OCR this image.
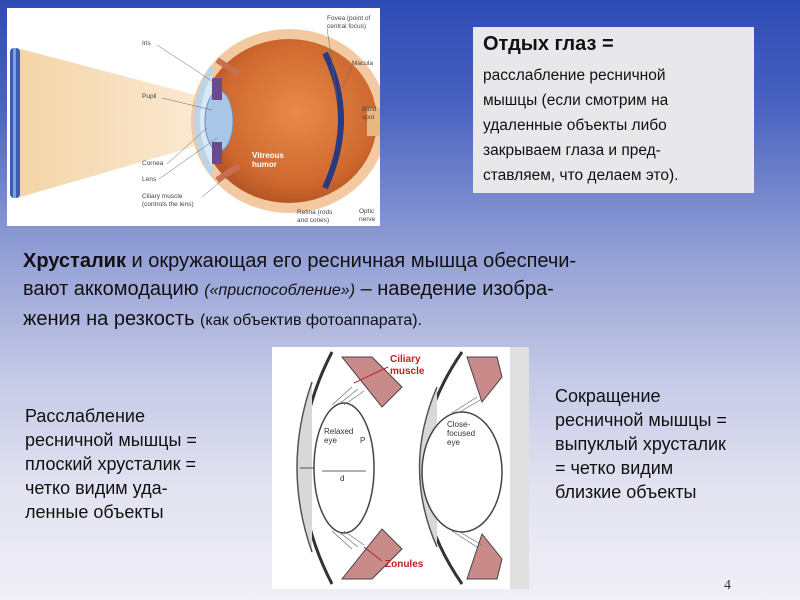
Fovea (point of
central focus)
Iris
Macula
Pupil
Blind
spot
Cornea
Lens
Vitreous
humor
Ciliary muscle
(controls the lens)
Retina (rods
and cones)
Optic
nerve
Отдых глаз =
расслабление ресничной
мышцы (если смотрим на
удаленные объекты либо
закрываем глаза и пред-
ставляем, что делаем это).
Хрусталик и окружающая его ресничная мышца обеспечи-
вают аккомодацию («приспособление») – наведение изобра-
жения на резкость (как объектив фотоаппарата).
Ciliary
muscle
Relaxed
eye	P
d
Close-
focused
eye
Zonules
Расслабление
ресничной мышцы =
плоский хрусталик =
четко видим уда-
ленные объекты
Сокращение
ресничной мышцы =
выпуклый хрусталик
= четко видим
близкие объекты
4
